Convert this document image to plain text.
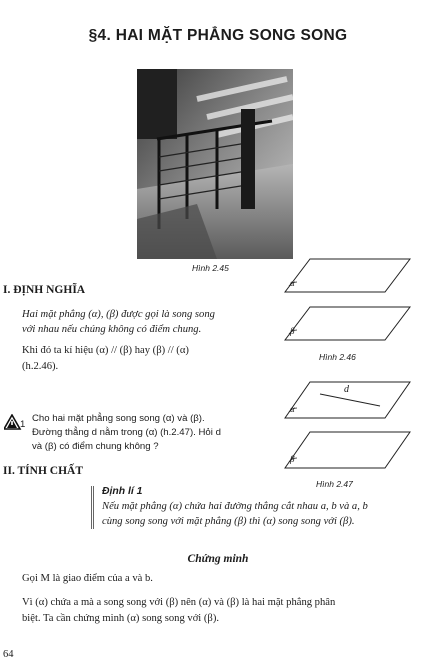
§4. HAI MẶT PHẲNG SONG SONG
Hình 2.45
α
β
Hình 2.46
d
α
β
Hình 2.47
I. ĐỊNH NGHĨA
Hai mặt phẳng (α), (β) được gọi là song song
với nhau nếu chúng không có điểm chung.
Khi đó ta kí hiệu (α) // (β) hay (β) // (α)
(h.2.46).
1
Cho hai mặt phẳng song song (α) và (β).
Đường thẳng d nằm trong (α) (h.2.47). Hỏi d
và (β) có điểm chung không ?
II. TÍNH CHẤT
Định lí 1
Nếu mặt phẳng (α) chứa hai đường thẳng cắt nhau a, b và a, b
cùng song song với mặt phẳng (β) thì (α) song song với (β).
Chứng minh
Gọi M là giao điểm của a và b.
Vì (α) chứa a mà a song song với (β) nên (α) và (β) là hai mặt phẳng phân
biệt. Ta cần chứng minh (α) song song với (β).
64
